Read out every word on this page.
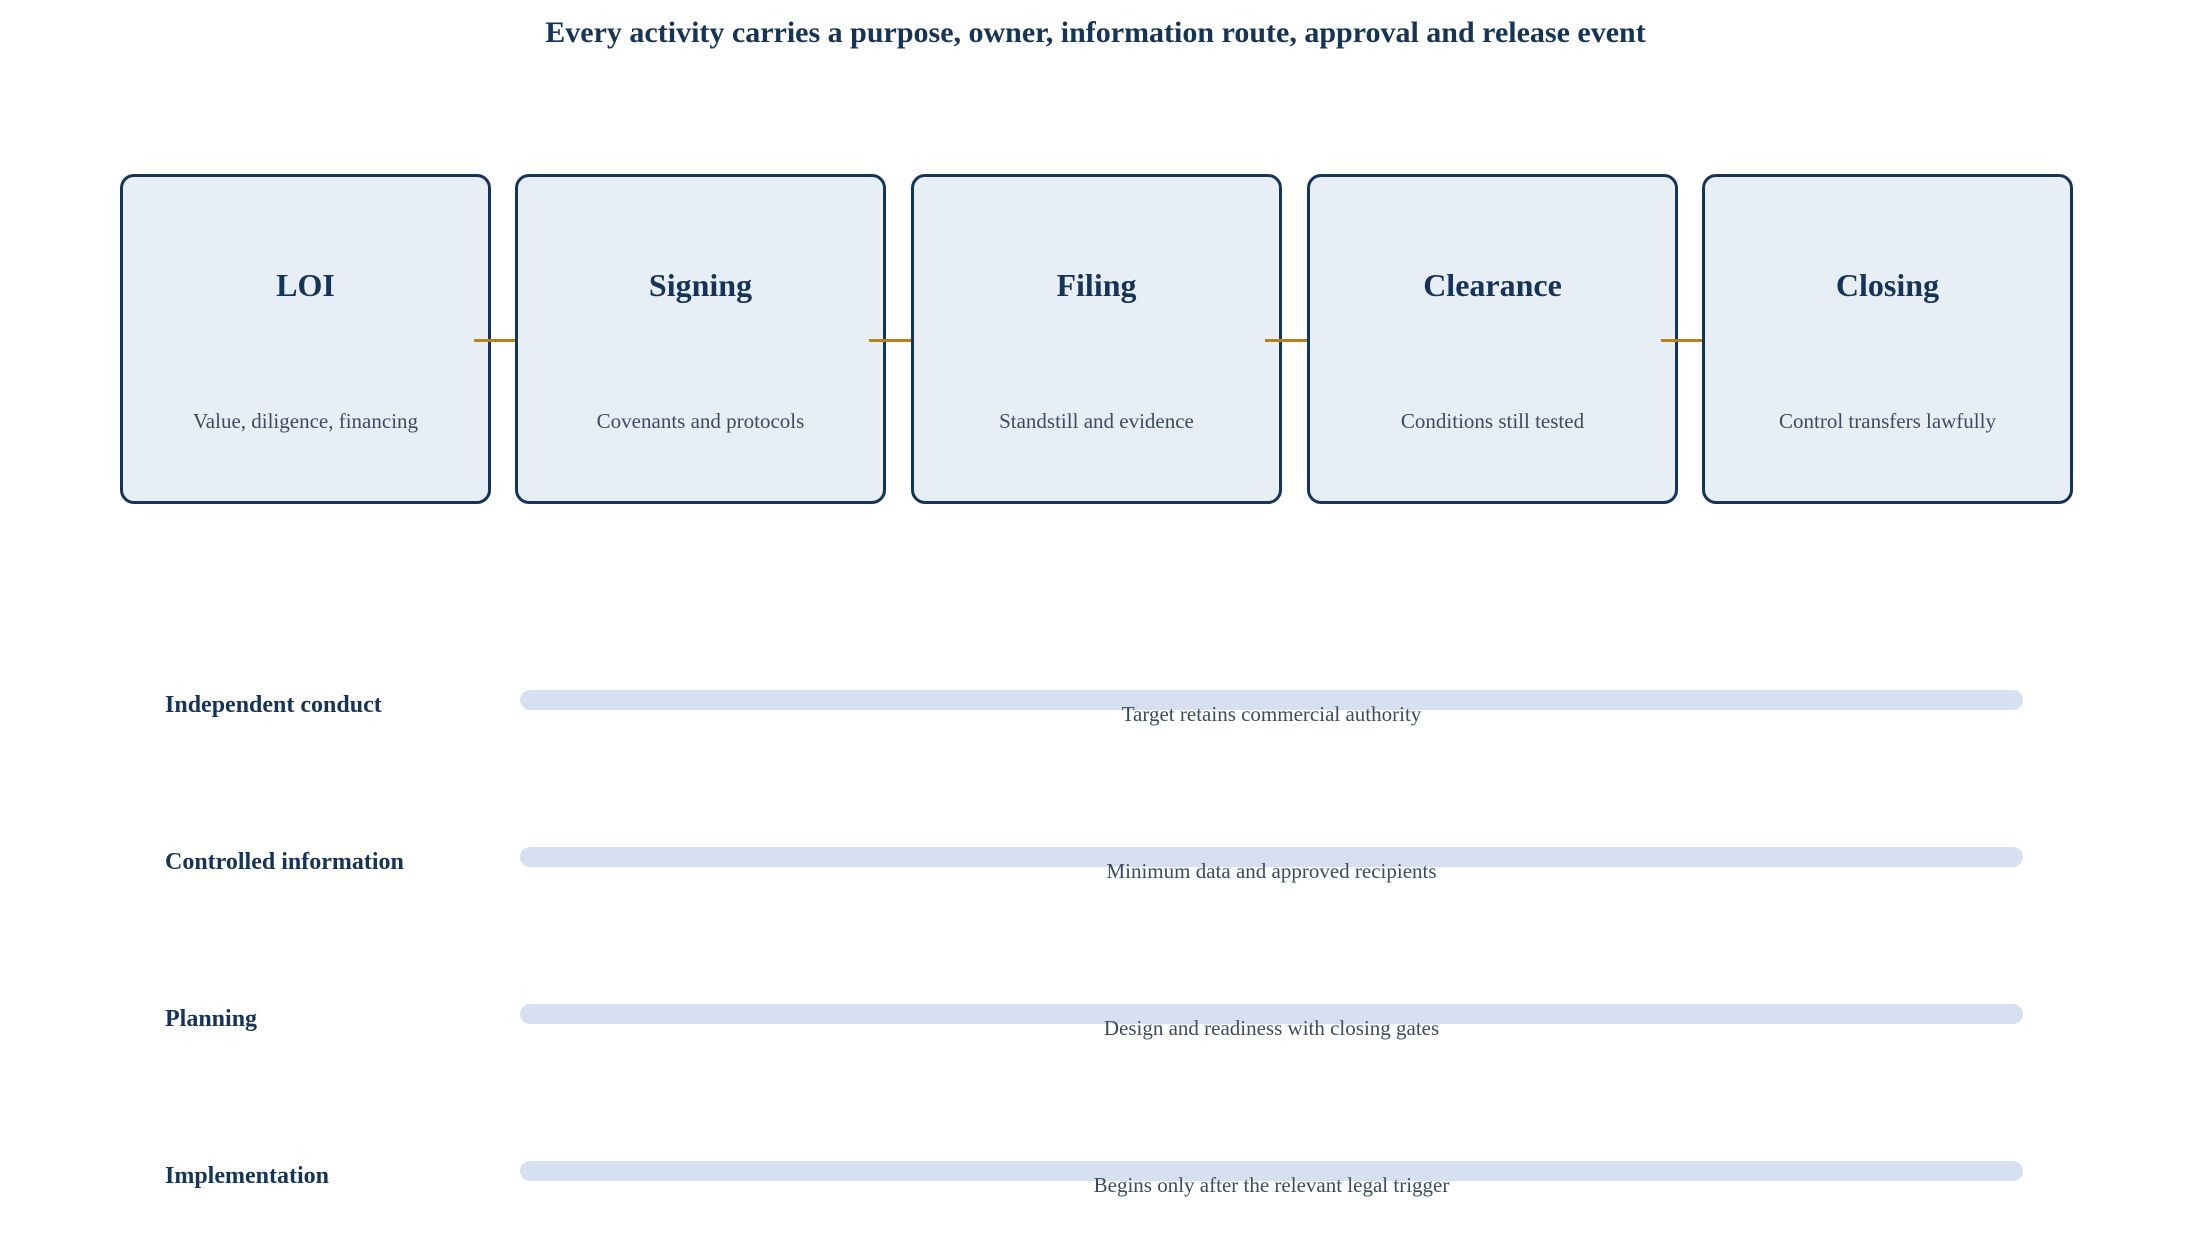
Every activity carries a purpose, owner, information route, approval and release event
LOI
Value, diligence, financing
Signing
Covenants and protocols
Filing
Standstill and evidence
Clearance
Conditions still tested
Closing
Control transfers lawfully
Independent conduct	Target retains commercial authority
Controlled information	Minimum data and approved recipients
Planning	Design and readiness with closing gates
Implementation	Begins only after the relevant legal trigger
